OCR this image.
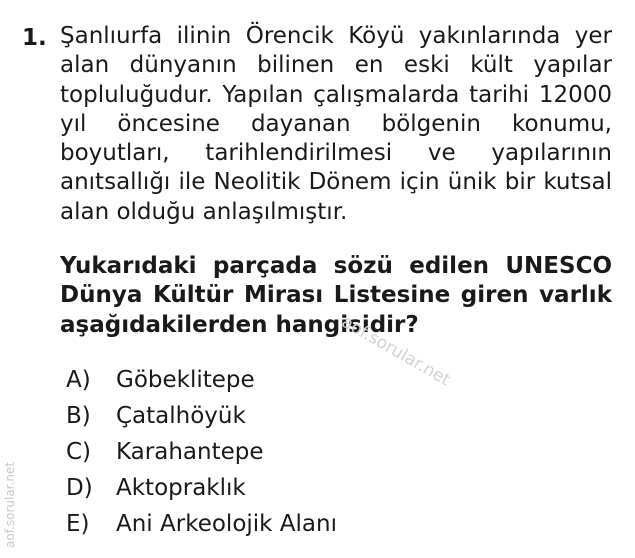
1. Şanlıurfa ilinin Örencik Köyü yakınlarında yer
alan dünyanın bilinen en eski kült yapılar
topluluğudur. Yapılan çalışmalarda tarihi 12000
yıl öncesine dayanan bölgenin konumu,
boyutları, tarihlendirilmesi ve yapılarının
anıtsallığı ile Neolitik Dönem için ünik bir kutsal
alan olduğu anlaşılmıştır.
Yukarıdaki parçada sözü edilen UNESCO
Dünya Kültür Mirası Listesine giren varlık
aşağıdakilerden hangisidir?
A)	Göbeklitepe
B)	Çatalhöyük
C)	Karahantepe
D)	Aktopraklık
E)	Ani Arkeolojik Alanı
aof.sorular.net
aof.sorular.net
